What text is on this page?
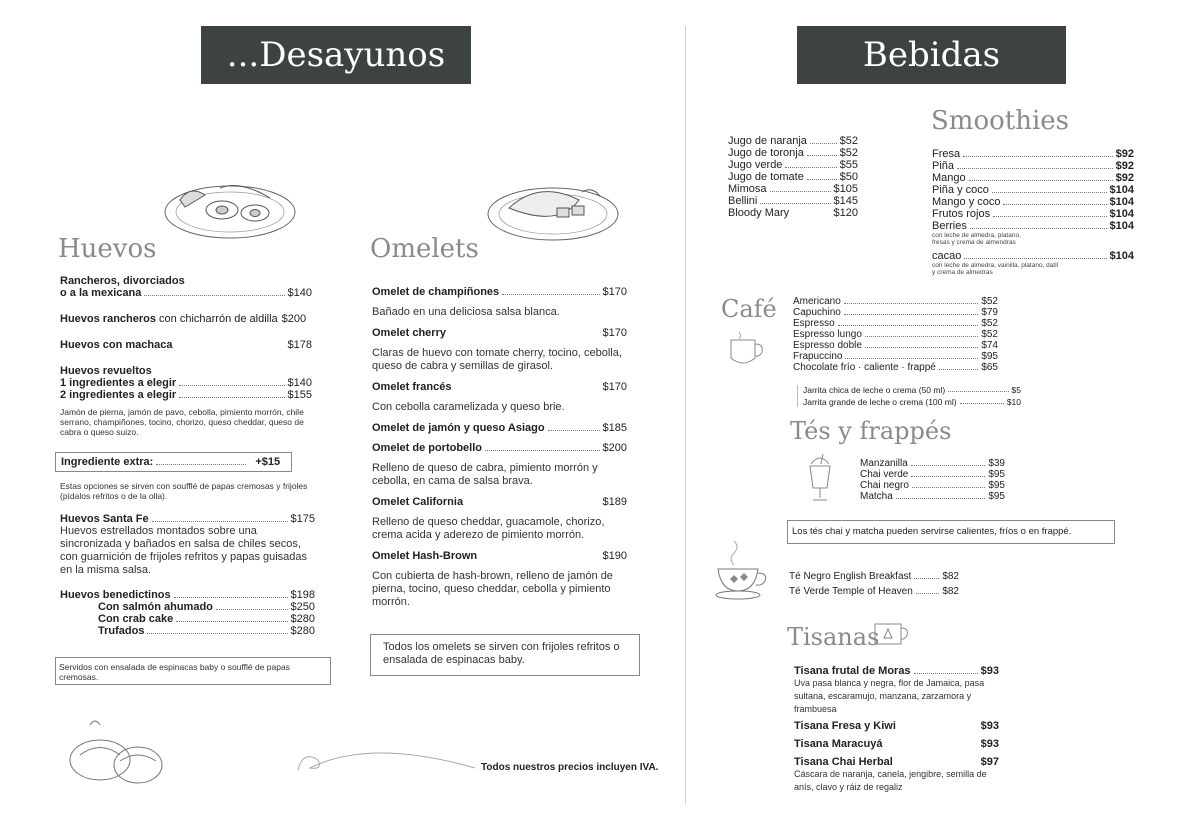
...Desayunos
Huevos	Omelets
Rancheros, divorciados
o a la mexicana	$140
Huevos rancheros con chicharrón de aldilla $200
Huevos con machaca	$178
Huevos revueltos
1 ingredientes a elegir	$140
2 ingredientes a elegir	$155
Jamón de pierna, jamón de pavo, cebolla, pimiento morrón, chile serrano, champiñones, tocino, chorizo, queso cheddar, queso de cabra o queso suizo.
Ingrediente extra:	+$15
Estas opciones se sirven con soufflé de papas cremosas y frijoles (pídalos refritos o de la olla).
Huevos Santa Fe	$175
Huevos estrellados montados sobre una sincronizada y bañados en salsa de chiles secos, con guarnición de frijoles refritos y papas guisadas en la misma salsa.
Huevos benedictinos	$198
Con salmón ahumado	$250
Con crab cake	$280
Trufados	$280
Servidos con ensalada de espinacas baby o soufflé de papas cremosas.
Omelet de champiñones	$170
Bañado en una deliciosa salsa blanca.
Omelet cherry	$170
Claras de huevo con tomate cherry, tocino, cebolla, queso de cabra y semillas de girasol.
Omelet francés	$170
Con cebolla caramelizada y queso brie.
Omelet de jamón y queso Asiago	$185
Omelet de portobello	$200
Relleno de queso de cabra, pimiento morrón y cebolla, en cama de salsa brava.
Omelet California	$189
Relleno de queso cheddar, guacamole, chorizo, crema acida y aderezo de pimiento morrón.
Omelet Hash-Brown	$190
Con cubierta de hash-brown, relleno de jamón de pierna, tocino, queso cheddar, cebolla y pimiento morrón.
Todos los omelets se sirven con frijoles refritos o ensalada de espinacas baby.
Todos nuestros precios incluyen IVA.
Bebidas
Jugo de naranja	$52
Jugo de toronja	$52
Jugo verde	$55
Jugo de tomate	$50
Mimosa	$105
Bellini	$145
Bloody Mary	$120
Smoothies
Fresa	$92
Piña	$92
Mango	$92
Piña y coco	$104
Mango y coco	$104
Frutos rojos	$104
Berries	$104
con leche de almedra, platano, fresas y crema de almendras
cacao	$104
con leche de almedra, vainilla, platano, datil y crema de almedras
Café Americano	$52
Capuchino	$79
Espresso	$52
Espresso lungo	$52
Espresso doble	$74
Frapuccino	$95
Chocolate frío · caliente · frappé	$65
Jarrita chica de leche o crema (50 ml)	$5
Jarrita grande de leche o crema (100 ml)	$10
Tés y frappés
Manzanilla	$39
Chai verde	$95
Chai negro	$95
Matcha	$95
Los tés chai y matcha pueden servirse calientes, fríos o en frappé.
Té Negro English Breakfast	$82
Té Verde Temple of Heaven	$82
Tisanas
Tisana frutal de Moras	$93
Uva pasa blanca y negra, flor de Jamaica, pasa sultana, escaramujo, manzana, zarzamora y frambuesa
Tisana Fresa y Kiwi	$93
Tisana Maracuyá	$93
Tisana Chai Herbal	$97
Cáscara de naranja, canela, jengibre, semilla de anís, clavo y ráiz de regaliz
